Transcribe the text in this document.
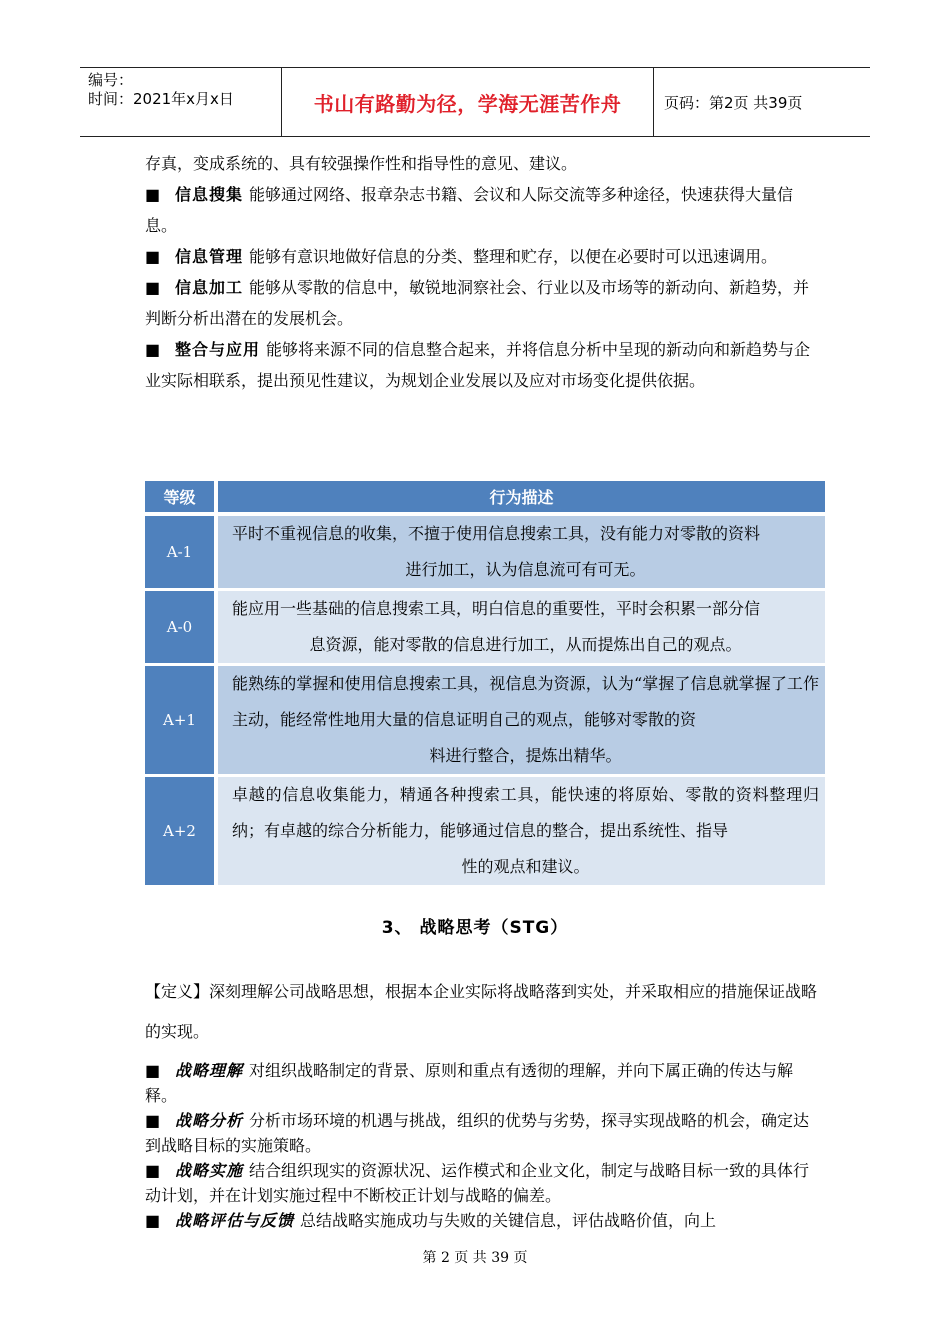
编号：
时间：2021年x月x日	书山有路勤为径，学海无涯苦作舟	页码：第2页 共39页

存真，变成系统的、具有较强操作性和指导性的意见、建议。

■ 信息搜集 能够通过网络、报章杂志书籍、会议和人际交流等多种途径，快速获得大量信息。

■ 信息管理 能够有意识地做好信息的分类、整理和贮存，以便在必要时可以迅速调用。

■ 信息加工 能够从零散的信息中，敏锐地洞察社会、行业以及市场等的新动向、新趋势，并判断分析出潜在的发展机会。

■ 整合与应用 能够将来源不同的信息整合起来，并将信息分析中呈现的新动向和新趋势与企业实际相联系，提出预见性建议，为规划企业发展以及应对市场变化提供依据。

等级	行为描述
A-1	平时不重视信息的收集，不擅于使用信息搜索工具，没有能力对零散的资料
进行加工，认为信息流可有可无。

A-0	能应用一些基础的信息搜索工具，明白信息的重要性，平时会积累一部分信
息资源，能对零散的信息进行加工，从而提炼出自己的观点。

A+1	能熟练的掌握和使用信息搜索工具，视信息为资源，认为“掌握了信息就掌握了工作主动，能经常性地用大量的信息证明自己的观点，能够对零散的资
料进行整合，提炼出精华。

A+2	卓越的信息收集能力，精通各种搜索工具，能快速的将原始、零散的资料整理归纳；有卓越的综合分析能力，能够通过信息的整合，提出系统性、指导
性的观点和建议。
3、 战略思考（STG）

【定义】深刻理解公司战略思想，根据本企业实际将战略落到实处，并采取相应的措施保证战略的实现。

■ 战略理解 对组织战略制定的背景、原则和重点有透彻的理解，并向下属正确的传达与解释。

■ 战略分析 分析市场环境的机遇与挑战，组织的优势与劣势，探寻实现战略的机会，确定达到战略目标的实施策略。

■ 战略实施 结合组织现实的资源状况、运作模式和企业文化，制定与战略目标一致的具体行动计划，并在计划实施过程中不断校正计划与战略的偏差。

■ 战略评估与反馈 总结战略实施成功与失败的关键信息，评估战略价值，向上

第 2 页 共 39 页
